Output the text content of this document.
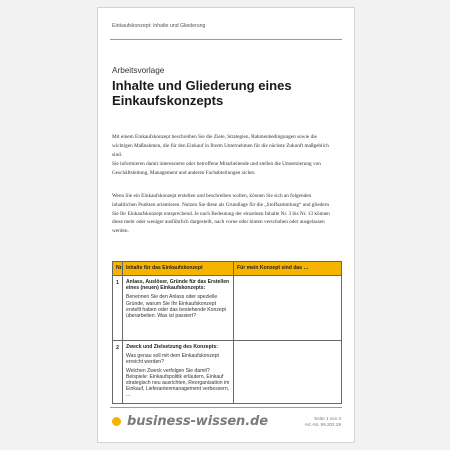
Einkaufskonzept: Inhalte und Gliederung
Arbeitsvorlage
Inhalte und Gliederung eines
Einkaufskonzepts
Mit einem Einkaufskonzept beschreiben Sie die Ziele, Strategien, Rahmenbedingungen sowie die wichtigen Maßnahmen, die für den Einkauf in Ihrem Unternehmen für die nächste Zukunft maßgeblich sind.
Sie informieren damit interessierte oder betroffene Mitarbeitende und stellen die Umsetzierung von Geschäftsleitung, Management und anderen Fachabteilungen sicher.
Wenn Sie ein Einkaufskonzept erstellen und beschreiben wollen, können Sie sich an folgenden inhaltlichen Punkten orientieren. Nutzen Sie diese als Grundlage für die „Stoffsammlung“ und gliedern Sie Ihr Einkaufskonzept entsprechend. Je nach Bedeutung der einzelnen Inhalte Nr. 3 bis Nr. 13 können diese mehr oder weniger ausführlich dargestellt, nach vorne oder hinten verschoben oder ausgelassen werden.
Nr.	Inhalte für das Einkaufskonzept	Für mein Konzept sind das …
1	Anlass, Auslöser, Gründe für das Erstellen eines (neuen) Einkaufskonzepts:
Benennen Sie den Anlass oder spezielle Gründe, warum Sie Ihr Einkaufskonzept erstellt haben oder das bestehende Konzept überarbeiten. Was ist passiert?	

2	Zweck und Zielsetzung des Konzepts:
Was genau soll mit dem Einkaufskonzept erreicht werden?
Welchen Zweck verfolgen Sie damit? Beispiele: Einkaufspolitik erläutern, Einkauf strategisch neu ausrichten, Reorganisation im Einkauf, Lieferantenmanagement verbessern, ...	

business-wissen.de	Seite 1 von 3
Art.-Nr. 99.202.29
